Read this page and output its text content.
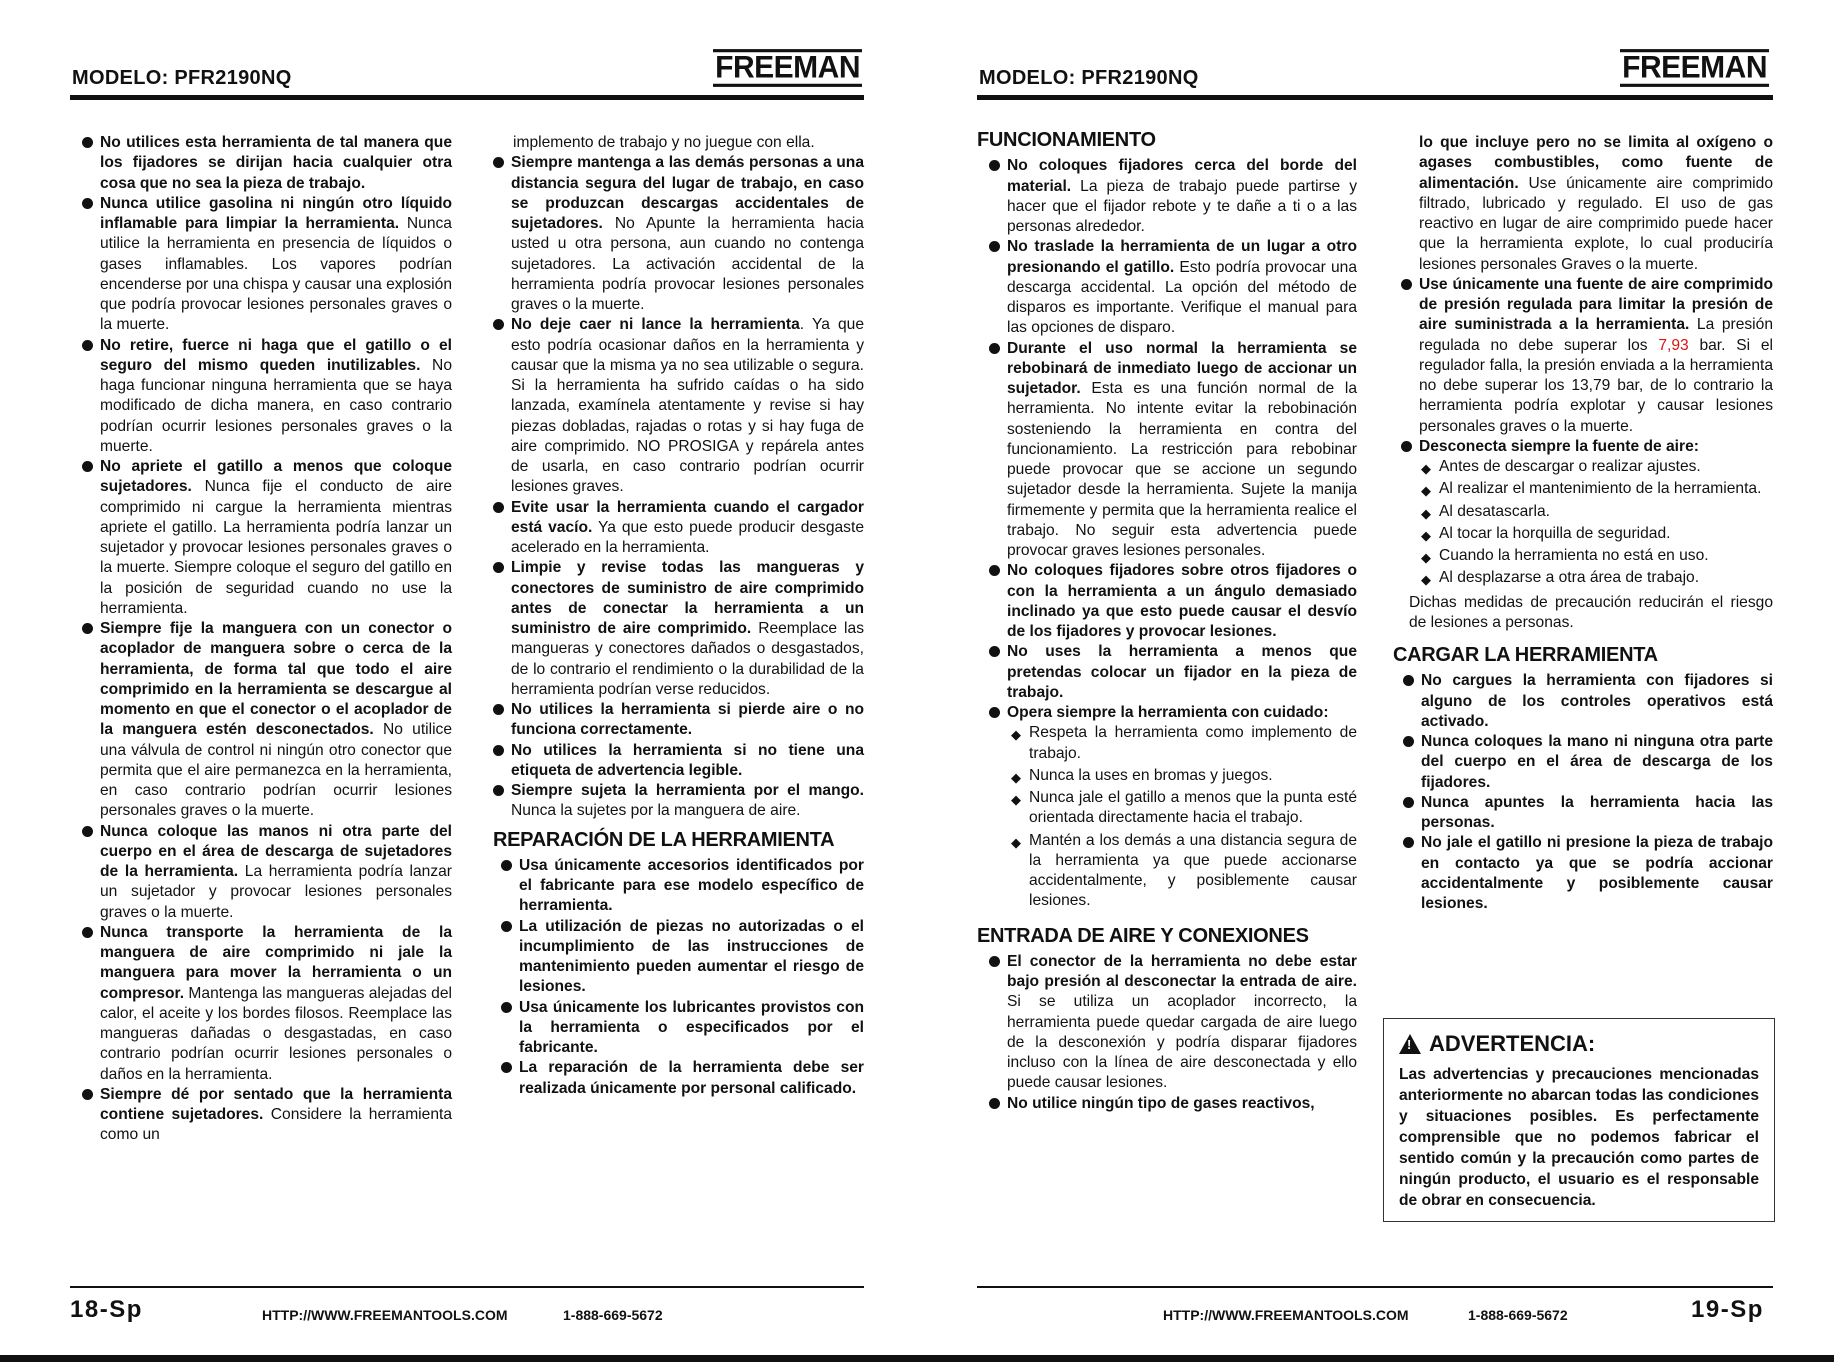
MODELO: PFR2190NQ	FREEMAN
No utilices esta herramienta de tal manera que los fijadores se dirijan hacia cualquier otra cosa que no sea la pieza de trabajo.
Nunca utilice gasolina ni ningún otro líquido inflamable para limpiar la herramienta. Nunca utilice la herramienta en presencia de líquidos o gases inflamables. Los vapores podrían encenderse por una chispa y causar una explosión que podría provocar lesiones personales graves o la muerte.
No retire, fuerce ni haga que el gatillo o el seguro del mismo queden inutilizables. No haga funcionar ninguna herramienta que se haya modificado de dicha manera, en caso contrario podrían ocurrir lesiones personales graves o la muerte.
No apriete el gatillo a menos que coloque sujetadores. Nunca fije el conducto de aire comprimido ni cargue la herramienta mientras apriete el gatillo. La herramienta podría lanzar un sujetador y provocar lesiones personales graves o la muerte. Siempre coloque el seguro del gatillo en la posición de seguridad cuando no use la herramienta.
Siempre fije la manguera con un conector o acoplador de manguera sobre o cerca de la herramienta, de forma tal que todo el aire comprimido en la herramienta se descargue al momento en que el conector o el acoplador de la manguera estén desconectados. No utilice una válvula de control ni ningún otro conector que permita que el aire permanezca en la herramienta, en caso contrario podrían ocurrir lesiones personales graves o la muerte.
Nunca coloque las manos ni otra parte del cuerpo en el área de descarga de sujetadores de la herramienta. La herramienta podría lanzar un sujetador y provocar lesiones personales graves o la muerte.
Nunca transporte la herramienta de la manguera de aire comprimido ni jale la manguera para mover la herramienta o un compresor. Mantenga las mangueras alejadas del calor, el aceite y los bordes filosos. Reemplace las mangueras dañadas o desgastadas, en caso contrario podrían ocurrir lesiones personales o daños en la herramienta.
Siempre dé por sentado que la herramienta contiene sujetadores. Considere la herramienta como un

implemento de trabajo y no juegue con ella.

Siempre mantenga a las demás personas a una distancia segura del lugar de trabajo, en caso se produzcan descargas accidentales de sujetadores. No Apunte la herramienta hacia usted u otra persona, aun cuando no contenga sujetadores. La activación accidental de la herramienta podría provocar lesiones personales graves o la muerte.
No deje caer ni lance la herramienta. Ya que esto podría ocasionar daños en la herramienta y causar que la misma ya no sea utilizable o segura. Si la herramienta ha sufrido caídas o ha sido lanzada, examínela atentamente y revise si hay piezas dobladas, rajadas o rotas y si hay fuga de aire comprimido. NO PROSIGA y repárela antes de usarla, en caso contrario podrían ocurrir lesiones graves.
Evite usar la herramienta cuando el cargador está vacío. Ya que esto puede producir desgaste acelerado en la herramienta.
Limpie y revise todas las mangueras y conectores de suministro de aire comprimido antes de conectar la herramienta a un suministro de aire comprimido. Reemplace las mangueras y conectores dañados o desgastados, de lo contrario el rendimiento o la durabilidad de la herramienta podrían verse reducidos.
No utilices la herramienta si pierde aire o no funciona correctamente.
No utilices la herramienta si no tiene una etiqueta de advertencia legible.
Siempre sujeta la herramienta por el mango. Nunca la sujetes por la manguera de aire.
REPARACIÓN DE LA HERRAMIENTA
Usa únicamente accesorios identificados por el fabricante para ese modelo específico de herramienta.
La utilización de piezas no autorizadas o el incumplimiento de las instrucciones de mantenimiento pueden aumentar el riesgo de lesiones.
Usa únicamente los lubricantes provistos con la herramienta o especificados por el fabricante.
La reparación de la herramienta debe ser realizada únicamente por personal calificado.
18-Sp	HTTP://WWW.FREEMANTOOLS.COM	1-888-669-5672
MODELO: PFR2190NQ	FREEMAN
FUNCIONAMIENTO
No coloques fijadores cerca del borde del material. La pieza de trabajo puede partirse y hacer que el fijador rebote y te dañe a ti o a las personas alrededor.
No traslade la herramienta de un lugar a otro presionando el gatillo. Esto podría provocar una descarga accidental. La opción del método de disparos es importante. Verifique el manual para las opciones de disparo.
Durante el uso normal la herramienta se rebobinará de inmediato luego de accionar un sujetador. Esta es una función normal de la herramienta. No intente evitar la rebobinación sosteniendo la herramienta en contra del funcionamiento. La restricción para rebobinar puede provocar que se accione un segundo sujetador desde la herramienta. Sujete la manija firmemente y permita que la herramienta realice el trabajo. No seguir esta advertencia puede provocar graves lesiones personales.
No coloques fijadores sobre otros fijadores o con la herramienta a un ángulo demasiado inclinado ya que esto puede causar el desvío de los fijadores y provocar lesiones.
No uses la herramienta a menos que pretendas colocar un fijador en la pieza de trabajo.
Opera siempre la herramienta con cuidado:
◆ Respeta la herramienta como implemento de trabajo.
◆ Nunca la uses en bromas y juegos.
◆ Nunca jale el gatillo a menos que la punta esté orientada directamente hacia el trabajo.
◆ Mantén a los demás a una distancia segura de la herramienta ya que puede accionarse accidentalmente, y posiblemente causar lesiones.
ENTRADA DE AIRE Y CONEXIONES
El conector de la herramienta no debe estar bajo presión al desconectar la entrada de aire. Si se utiliza un acoplador incorrecto, la herramienta puede quedar cargada de aire luego de la desconexión y podría disparar fijadores incluso con la línea de aire desconectada y ello puede causar lesiones.
No utilice ningún tipo de gases reactivos,

lo que incluye pero no se limita al oxígeno o agases combustibles, como fuente de alimentación. Use únicamente aire comprimido filtrado, lubricado y regulado. El uso de gas reactivo en lugar de aire comprimido puede hacer que la herramienta explote, lo cual produciría lesiones personales Graves o la muerte.

Use únicamente una fuente de aire comprimido de presión regulada para limitar la presión de aire suministrada a la herramienta. La presión regulada no debe superar los 7,93 bar. Si el regulador falla, la presión enviada a la herramienta no debe superar los 13,79 bar, de lo contrario la herramienta podría explotar y causar lesiones personales graves o la muerte.
Desconecta siempre la fuente de aire:
◆ Antes de descargar o realizar ajustes.
◆ Al realizar el mantenimiento de la herramienta.
◆ Al desatascarla.
◆ Al tocar la horquilla de seguridad.
◆ Cuando la herramienta no está en uso.
◆ Al desplazarse a otra área de trabajo.

Dichas medidas de precaución reducirán el riesgo de lesiones a personas.

CARGAR LA HERRAMIENTA
No cargues la herramienta con fijadores si alguno de los controles operativos está activado.
Nunca coloques la mano ni ninguna otra parte del cuerpo en el área de descarga de los fijadores.
Nunca apuntes la herramienta hacia las personas.
No jale el gatillo ni presione la pieza de trabajo en contacto ya que se podría accionar accidentalmente y posiblemente causar lesiones.
! ADVERTENCIA:
Las advertencias y precauciones mencionadas anteriormente no abarcan todas las condiciones y situaciones posibles. Es perfectamente comprensible que no podemos fabricar el sentido común y la precaución como partes de ningún producto, el usuario es el responsable de obrar en consecuencia.
HTTP://WWW.FREEMANTOOLS.COM	1-888-669-5672	19-Sp
